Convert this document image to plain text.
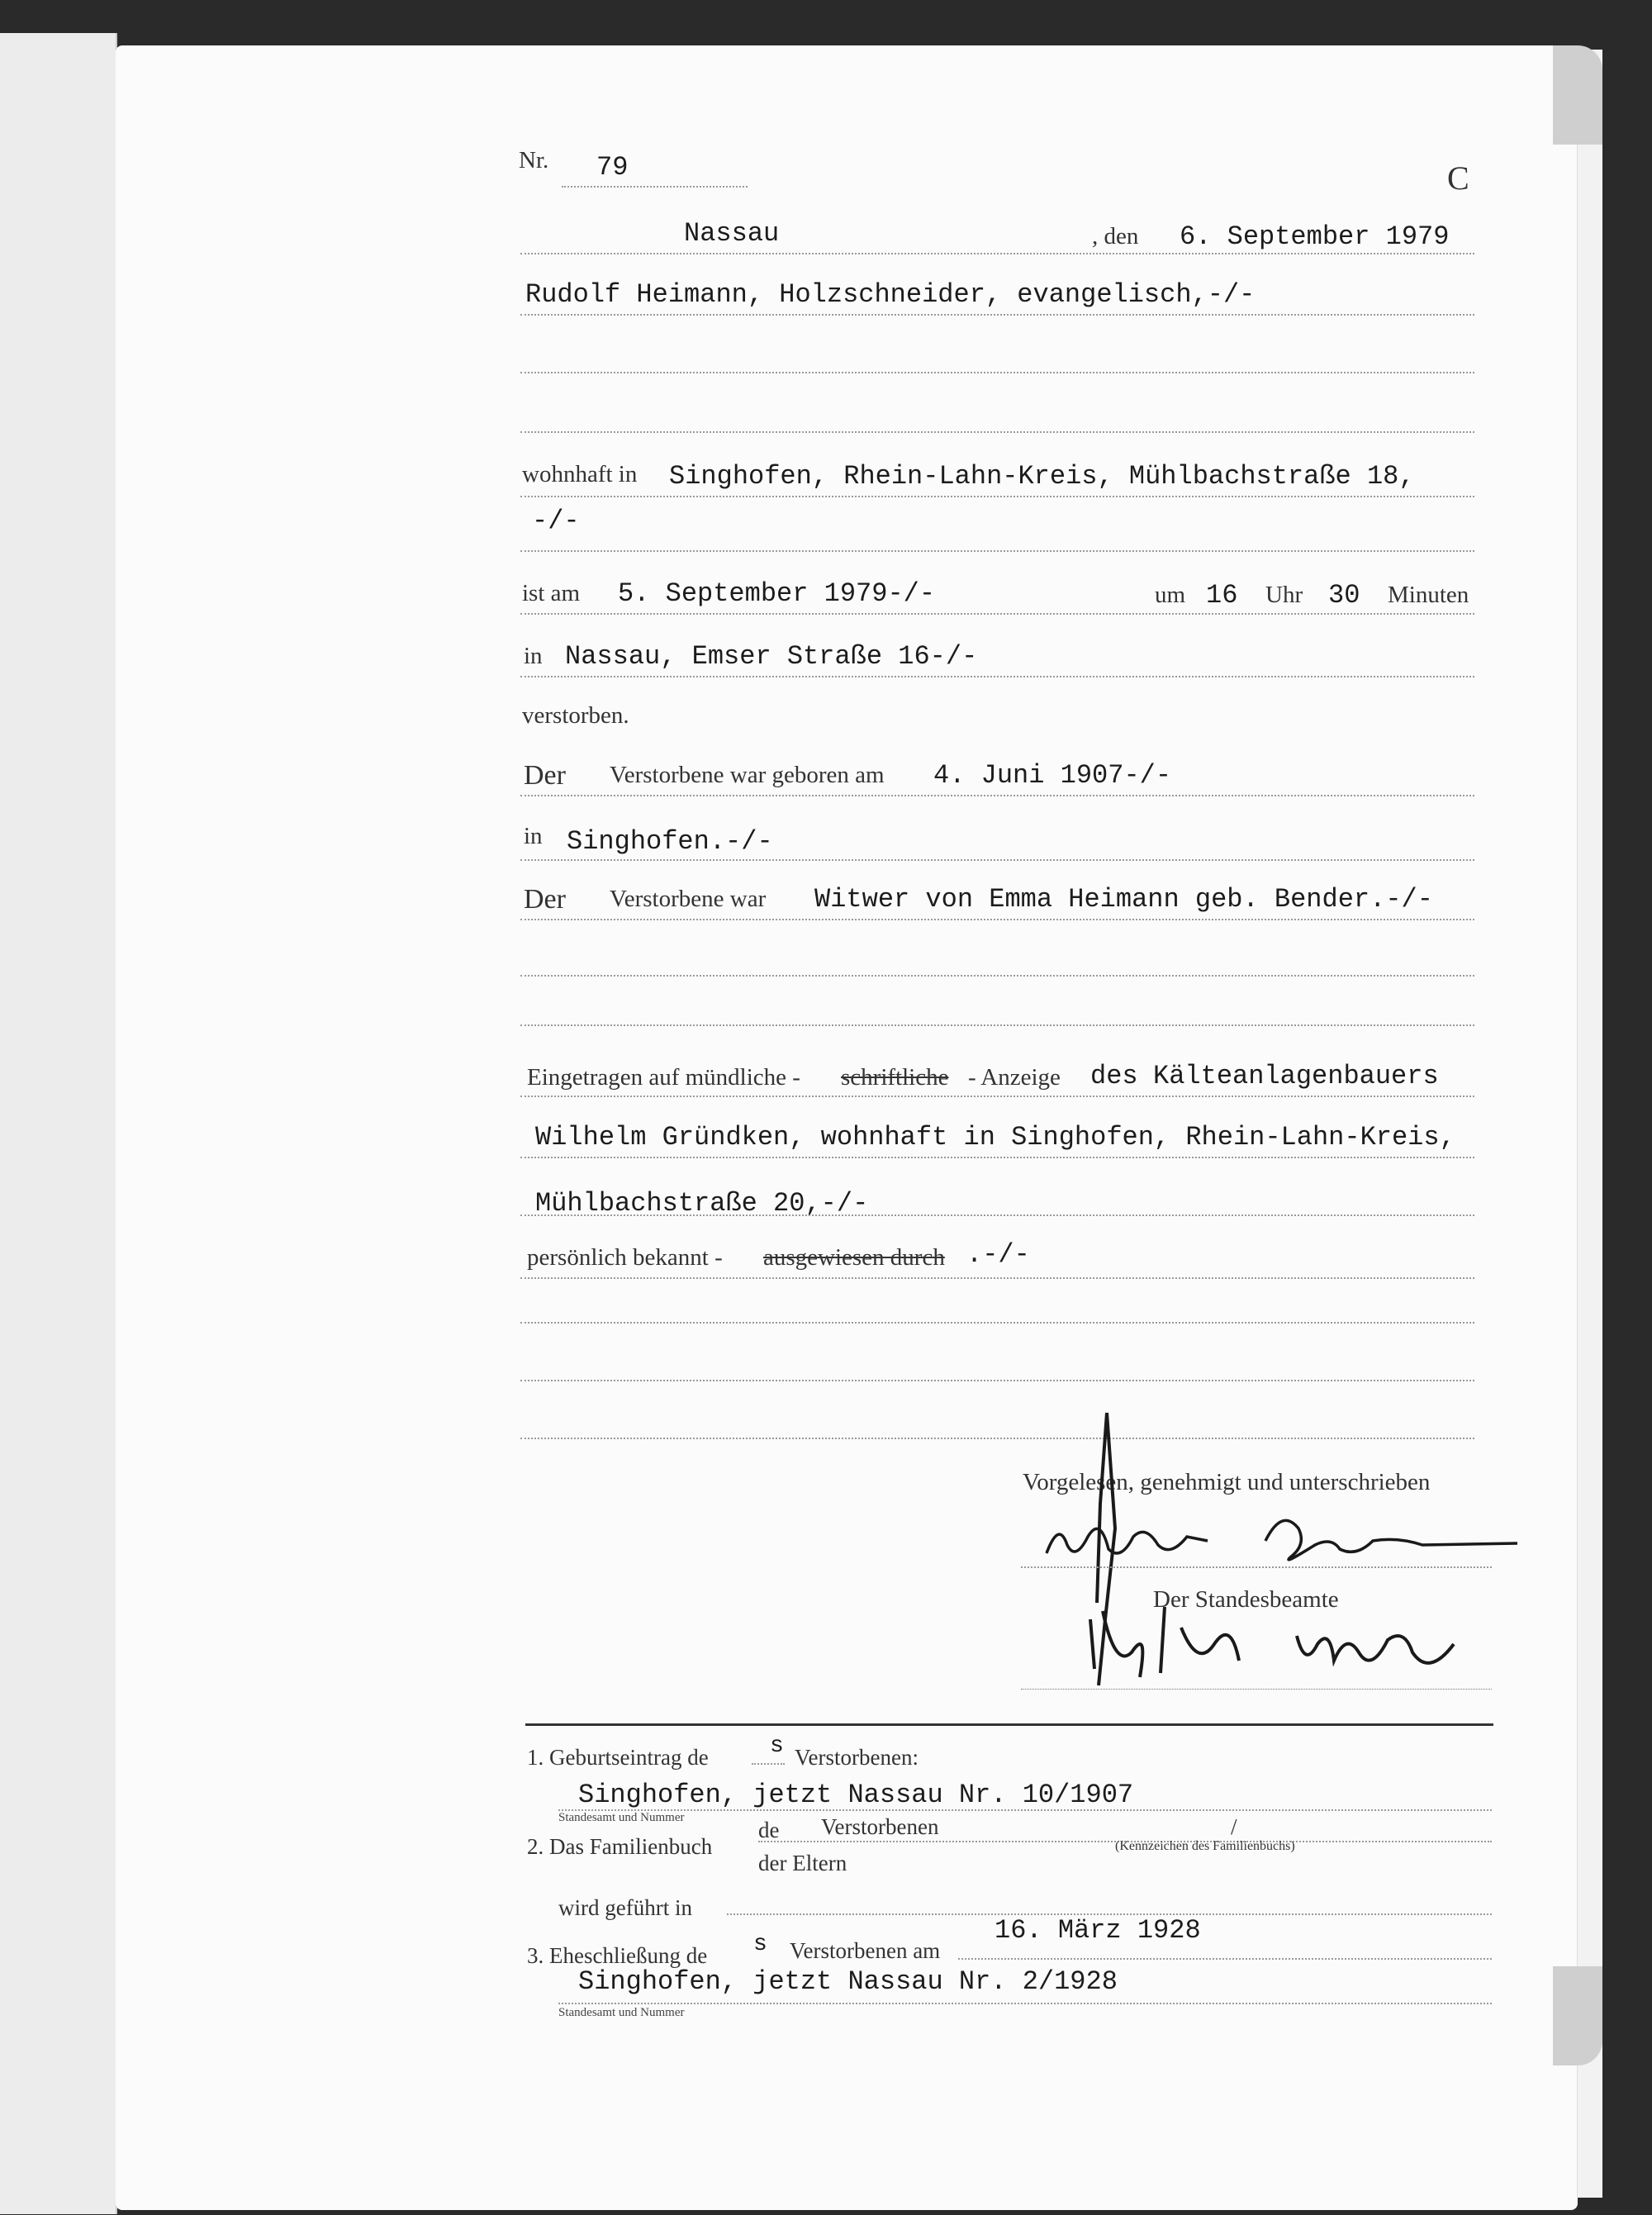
Nr. 79	C
Nassau	, den 6. September 1979
Rudolf Heimann, Holzschneider, evangelisch,-/-
wohnhaft in Singhofen, Rhein-Lahn-Kreis, Mühlbachstraße 18,
-/-
ist am 5. September 1979-/-	um 16 Uhr 30 Minuten
in Nassau, Emser Straße 16-/-
verstorben.
Der Verstorbene war geboren am 4. Juni 1907-/-
in Singhofen.-/-
Der Verstorbene war Witwer von Emma Heimann geb. Bender.-/-
Eingetragen auf mündliche - schriftliche - Anzeige des Kälteanlagenbauers
Wilhelm Gründken, wohnhaft in Singhofen, Rhein-Lahn-Kreis,
Mühlbachstraße 20,-/-
persönlich bekannt - ausgewiesen durch .-/-
Vorgelesen, genehmigt und unterschrieben
Der Standesbeamte
1. Geburtseintrag de	s Verstorbenen:
Singhofen, jetzt Nassau Nr. 10/1907
Standesamt und Nummer
2. Das Familienbuch
de Verstorbenen	/
(Kennzeichen des Familienbuchs)
der Eltern
wird geführt in
3. Eheschließung de s Verstorbenen am
16. März 1928
Singhofen, jetzt Nassau Nr. 2/1928
Standesamt und Nummer
